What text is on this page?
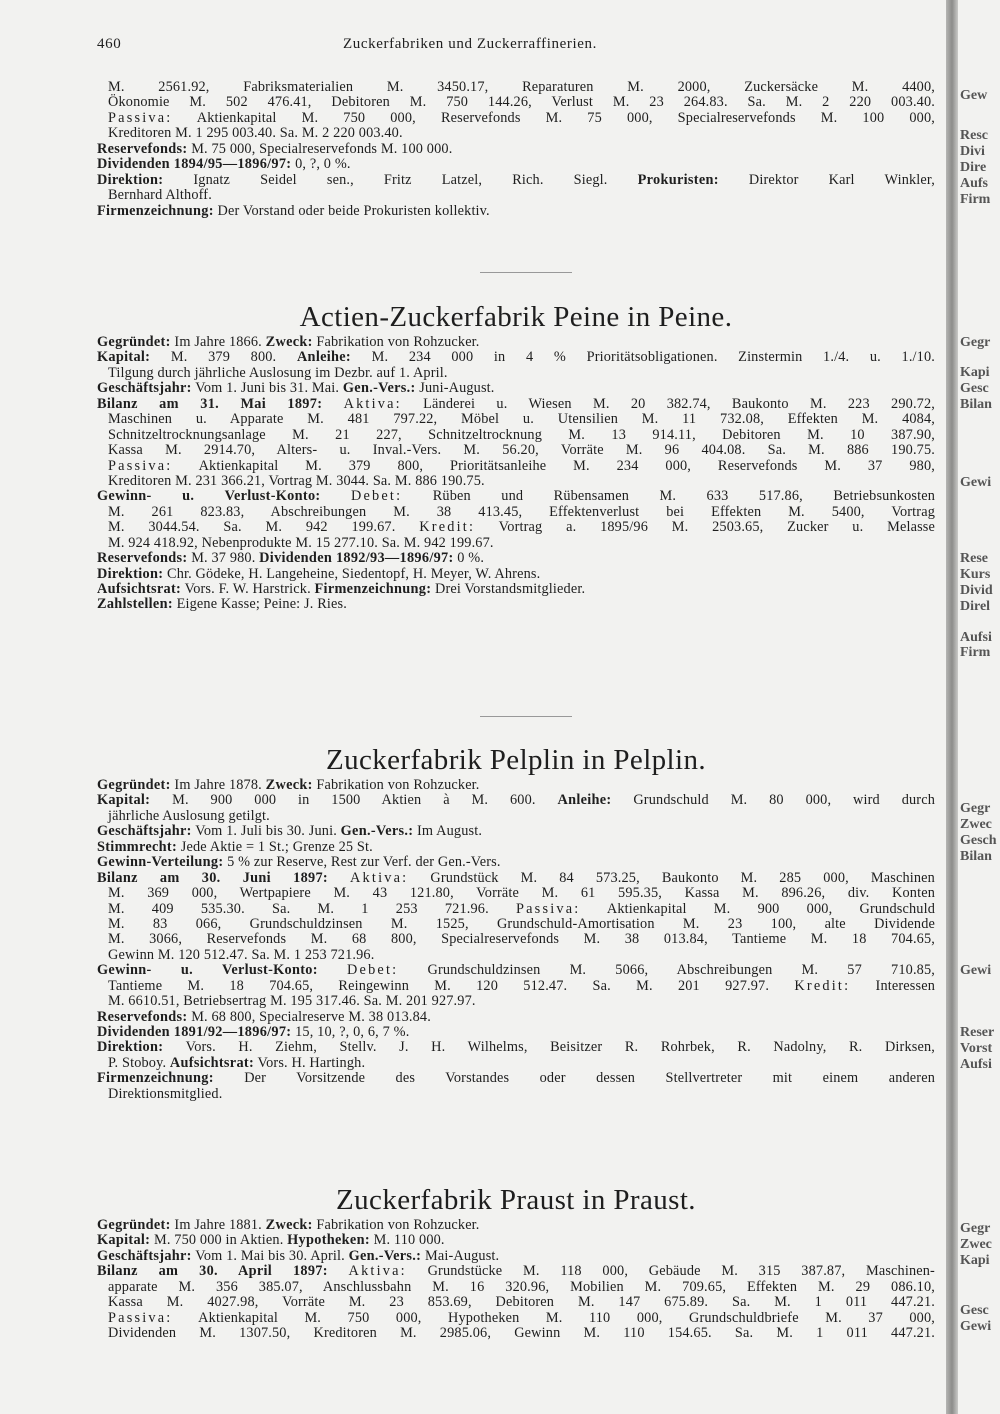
460	Zuckerfabriken und Zuckerraffinerien.
M. 2561.92, Fabriksmaterialien M. 3450.17, Reparaturen M. 2000, Zuckersäcke M. 4400,
Ökonomie M. 502 476.41, Debitoren M. 750 144.26, Verlust M. 23 264.83. Sa. M. 2 220 003.40.
Passiva: Aktienkapital M. 750 000, Reservefonds M. 75 000, Specialreservefonds M. 100 000,
Kreditoren M. 1 295 003.40. Sa. M. 2 220 003.40.
Reservefonds: M. 75 000, Specialreservefonds M. 100 000.
Dividenden 1894/95—1896/97: 0, ?, 0 %.
Direktion: Ignatz Seidel sen., Fritz Latzel, Rich. Siegl. Prokuristen: Direktor Karl Winkler,
Bernhard Althoff.
Firmenzeichnung: Der Vorstand oder beide Prokuristen kollektiv.
Actien-Zuckerfabrik Peine in Peine.
Gegründet: Im Jahre 1866. Zweck: Fabrikation von Rohzucker.
Kapital: M. 379 800. Anleihe: M. 234 000 in 4 % Prioritätsobligationen. Zinstermin 1./4. u. 1./10.
Tilgung durch jährliche Auslosung im Dezbr. auf 1. April.
Geschäftsjahr: Vom 1. Juni bis 31. Mai. Gen.-Vers.: Juni-August.
Bilanz am 31. Mai 1897: Aktiva: Länderei u. Wiesen M. 20 382.74, Baukonto M. 223 290.72,
Maschinen u. Apparate M. 481 797.22, Möbel u. Utensilien M. 11 732.08, Effekten M. 4084,
Schnitzeltrocknungsanlage M. 21 227, Schnitzeltrocknung M. 13 914.11, Debitoren M. 10 387.90,
Kassa M. 2914.70, Alters- u. Inval.-Vers. M. 56.20, Vorräte M. 96 404.08. Sa. M. 886 190.75.
Passiva: Aktienkapital M. 379 800, Prioritätsanleihe M. 234 000, Reservefonds M. 37 980,
Kreditoren M. 231 366.21, Vortrag M. 3044. Sa. M. 886 190.75.
Gewinn- u. Verlust-Konto: Debet: Rüben und Rübensamen M. 633 517.86, Betriebsunkosten
M. 261 823.83, Abschreibungen M. 38 413.45, Effektenverlust bei Effekten M. 5400, Vortrag
M. 3044.54. Sa. M. 942 199.67. Kredit: Vortrag a. 1895/96 M. 2503.65, Zucker u. Melasse
M. 924 418.92, Nebenprodukte M. 15 277.10. Sa. M. 942 199.67.
Reservefonds: M. 37 980. Dividenden 1892/93—1896/97: 0 %.
Direktion: Chr. Gödeke, H. Langeheine, Siedentopf, H. Meyer, W. Ahrens.
Aufsichtsrat: Vors. F. W. Harstrick. Firmenzeichnung: Drei Vorstandsmitglieder.
Zahlstellen: Eigene Kasse; Peine: J. Ries.
Zuckerfabrik Pelplin in Pelplin.
Gegründet: Im Jahre 1878. Zweck: Fabrikation von Rohzucker.
Kapital: M. 900 000 in 1500 Aktien à M. 600. Anleihe: Grundschuld M. 80 000, wird durch
jährliche Auslosung getilgt.
Geschäftsjahr: Vom 1. Juli bis 30. Juni. Gen.-Vers.: Im August.
Stimmrecht: Jede Aktie = 1 St.; Grenze 25 St.
Gewinn-Verteilung: 5 % zur Reserve, Rest zur Verf. der Gen.-Vers.
Bilanz am 30. Juni 1897: Aktiva: Grundstück M. 84 573.25, Baukonto M. 285 000, Maschinen
M. 369 000, Wertpapiere M. 43 121.80, Vorräte M. 61 595.35, Kassa M. 896.26, div. Konten
M. 409 535.30. Sa. M. 1 253 721.96. Passiva: Aktienkapital M. 900 000, Grundschuld
M. 83 066, Grundschuldzinsen M. 1525, Grundschuld-Amortisation M. 23 100, alte Dividende
M. 3066, Reservefonds M. 68 800, Specialreservefonds M. 38 013.84, Tantieme M. 18 704.65,
Gewinn M. 120 512.47. Sa. M. 1 253 721.96.
Gewinn- u. Verlust-Konto: Debet: Grundschuldzinsen M. 5066, Abschreibungen M. 57 710.85,
Tantieme M. 18 704.65, Reingewinn M. 120 512.47. Sa. M. 201 927.97. Kredit: Interessen
M. 6610.51, Betriebsertrag M. 195 317.46. Sa. M. 201 927.97.
Reservefonds: M. 68 800, Specialreserve M. 38 013.84.
Dividenden 1891/92—1896/97: 15, 10, ?, 0, 6, 7 %.
Direktion: Vors. H. Ziehm, Stellv. J. H. Wilhelms, Beisitzer R. Rohrbek, R. Nadolny, R. Dirksen,
P. Stoboy. Aufsichtsrat: Vors. H. Hartingh.
Firmenzeichnung: Der Vorsitzende des Vorstandes oder dessen Stellvertreter mit einem anderen
Direktionsmitglied.
Zuckerfabrik Praust in Praust.
Gegründet: Im Jahre 1881. Zweck: Fabrikation von Rohzucker.
Kapital: M. 750 000 in Aktien. Hypotheken: M. 110 000.
Geschäftsjahr: Vom 1. Mai bis 30. April. Gen.-Vers.: Mai-August.
Bilanz am 30. April 1897: Aktiva: Grundstücke M. 118 000, Gebäude M. 315 387.87, Maschinen-
apparate M. 356 385.07, Anschlussbahn M. 16 320.96, Mobilien M. 709.65, Effekten M. 29 086.10,
Kassa M. 4027.98, Vorräte M. 23 853.69, Debitoren M. 147 675.89. Sa. M. 1 011 447.21.
Passiva: Aktienkapital M. 750 000, Hypotheken M. 110 000, Grundschuldbriefe M. 37 000,
Dividenden M. 1307.50, Kreditoren M. 2985.06, Gewinn M. 110 154.65. Sa. M. 1 011 447.21.
Gew
Resc
Divi
Dire
Aufs
Firm
Gegr
Kapi
Gesc
Bilan
Gewi
Rese
Kurs
Divid
Direl
Aufsi
Firm
Gegr
Zwec
Gesch
Bilan
Gewi
Reser
Vorst
Aufsi
Gegr
Zwec
Kapi
Gesc
Gewi
